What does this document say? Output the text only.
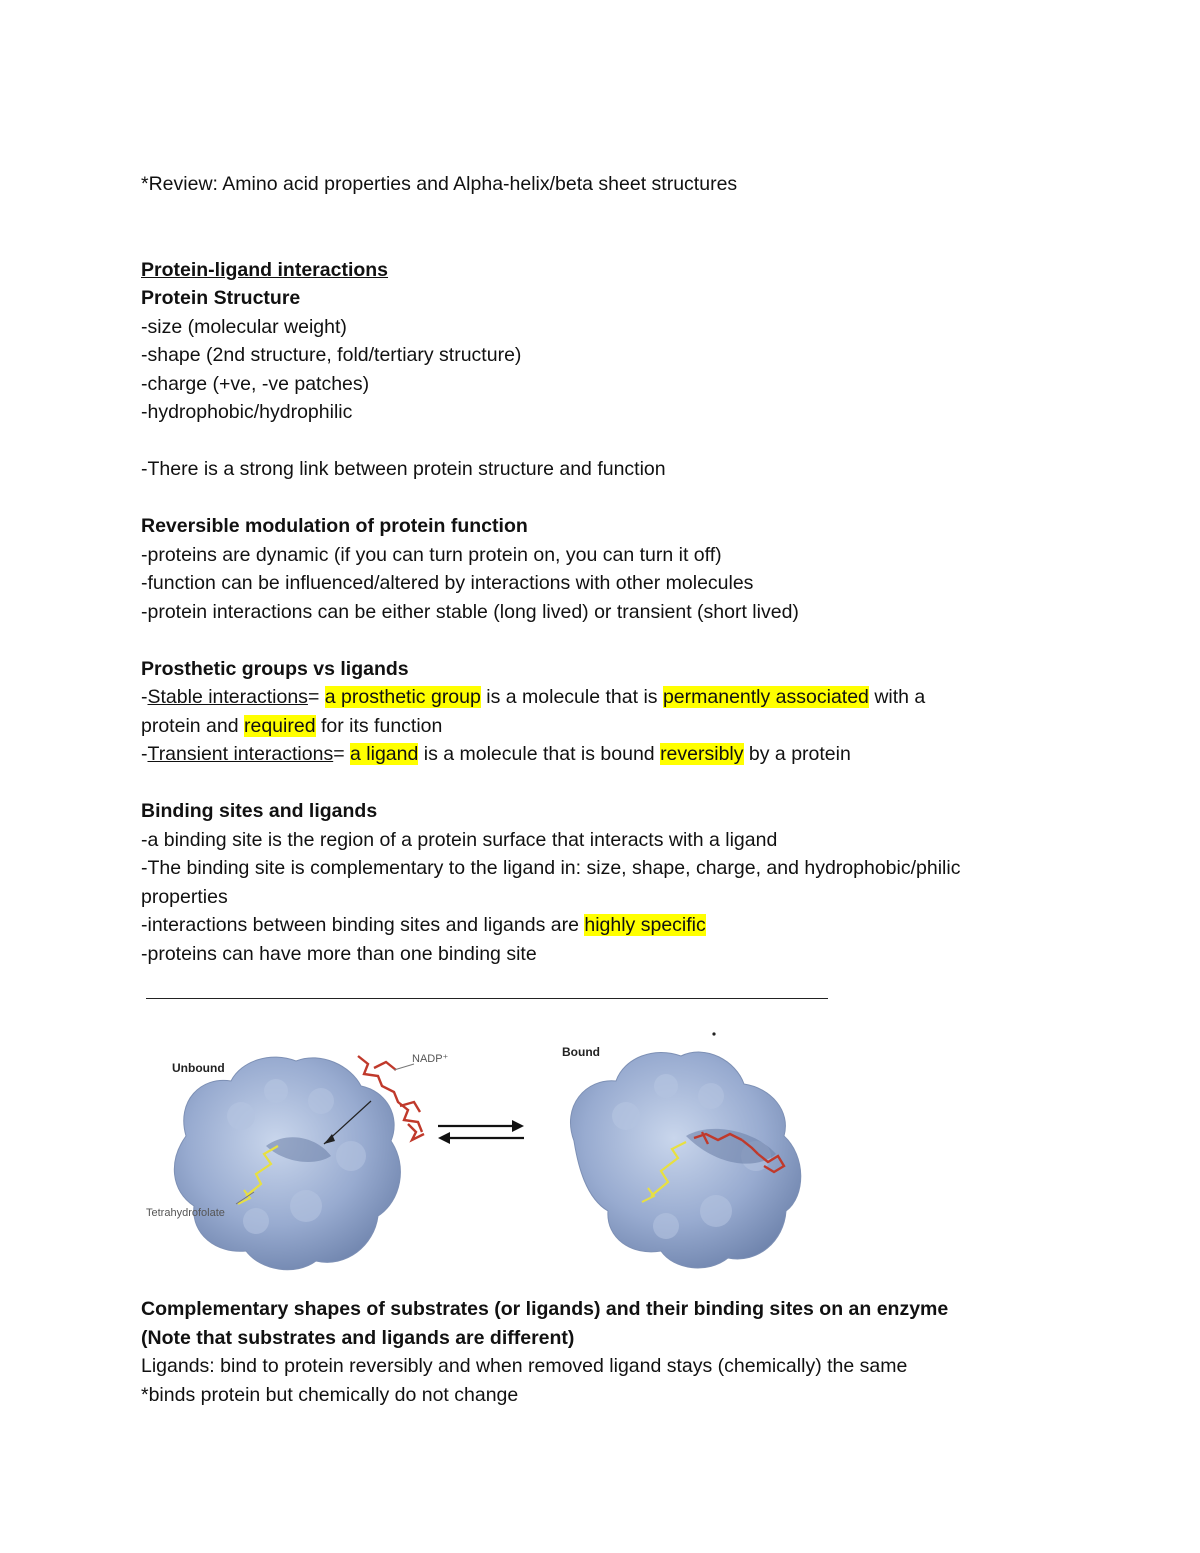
*Review: Amino acid properties and Alpha-helix/beta sheet structures
Protein-ligand interactions
Protein Structure
-size (molecular weight)
-shape (2nd structure, fold/tertiary structure)
-charge (+ve, -ve patches)
-hydrophobic/hydrophilic
-There is a strong link between protein structure and function
Reversible modulation of protein function
-proteins are dynamic (if you can turn protein on, you can turn it off)
-function can be influenced/altered by interactions with other molecules
-protein interactions can be either stable (long lived) or transient (short lived)
Prosthetic groups vs ligands
-Stable interactions= a prosthetic group is a molecule that is permanently associated with a
protein and required for its function
-Transient interactions= a ligand is a molecule that is bound reversibly by a protein
Binding sites and ligands
-a binding site is the region of a protein surface that interacts with a ligand
-The binding site is complementary to the ligand in: size, shape, charge, and hydrophobic/philic
properties
-interactions between binding sites and ligands are highly specific
-proteins can have more than one binding site
Unbound
NADP⁺
Tetrahydrofolate
Bound
Complementary shapes of substrates (or ligands) and their binding sites on an enzyme
(Note that substrates and ligands are different)
Ligands: bind to protein reversibly and when removed ligand stays (chemically) the same
*binds protein but chemically do not change
